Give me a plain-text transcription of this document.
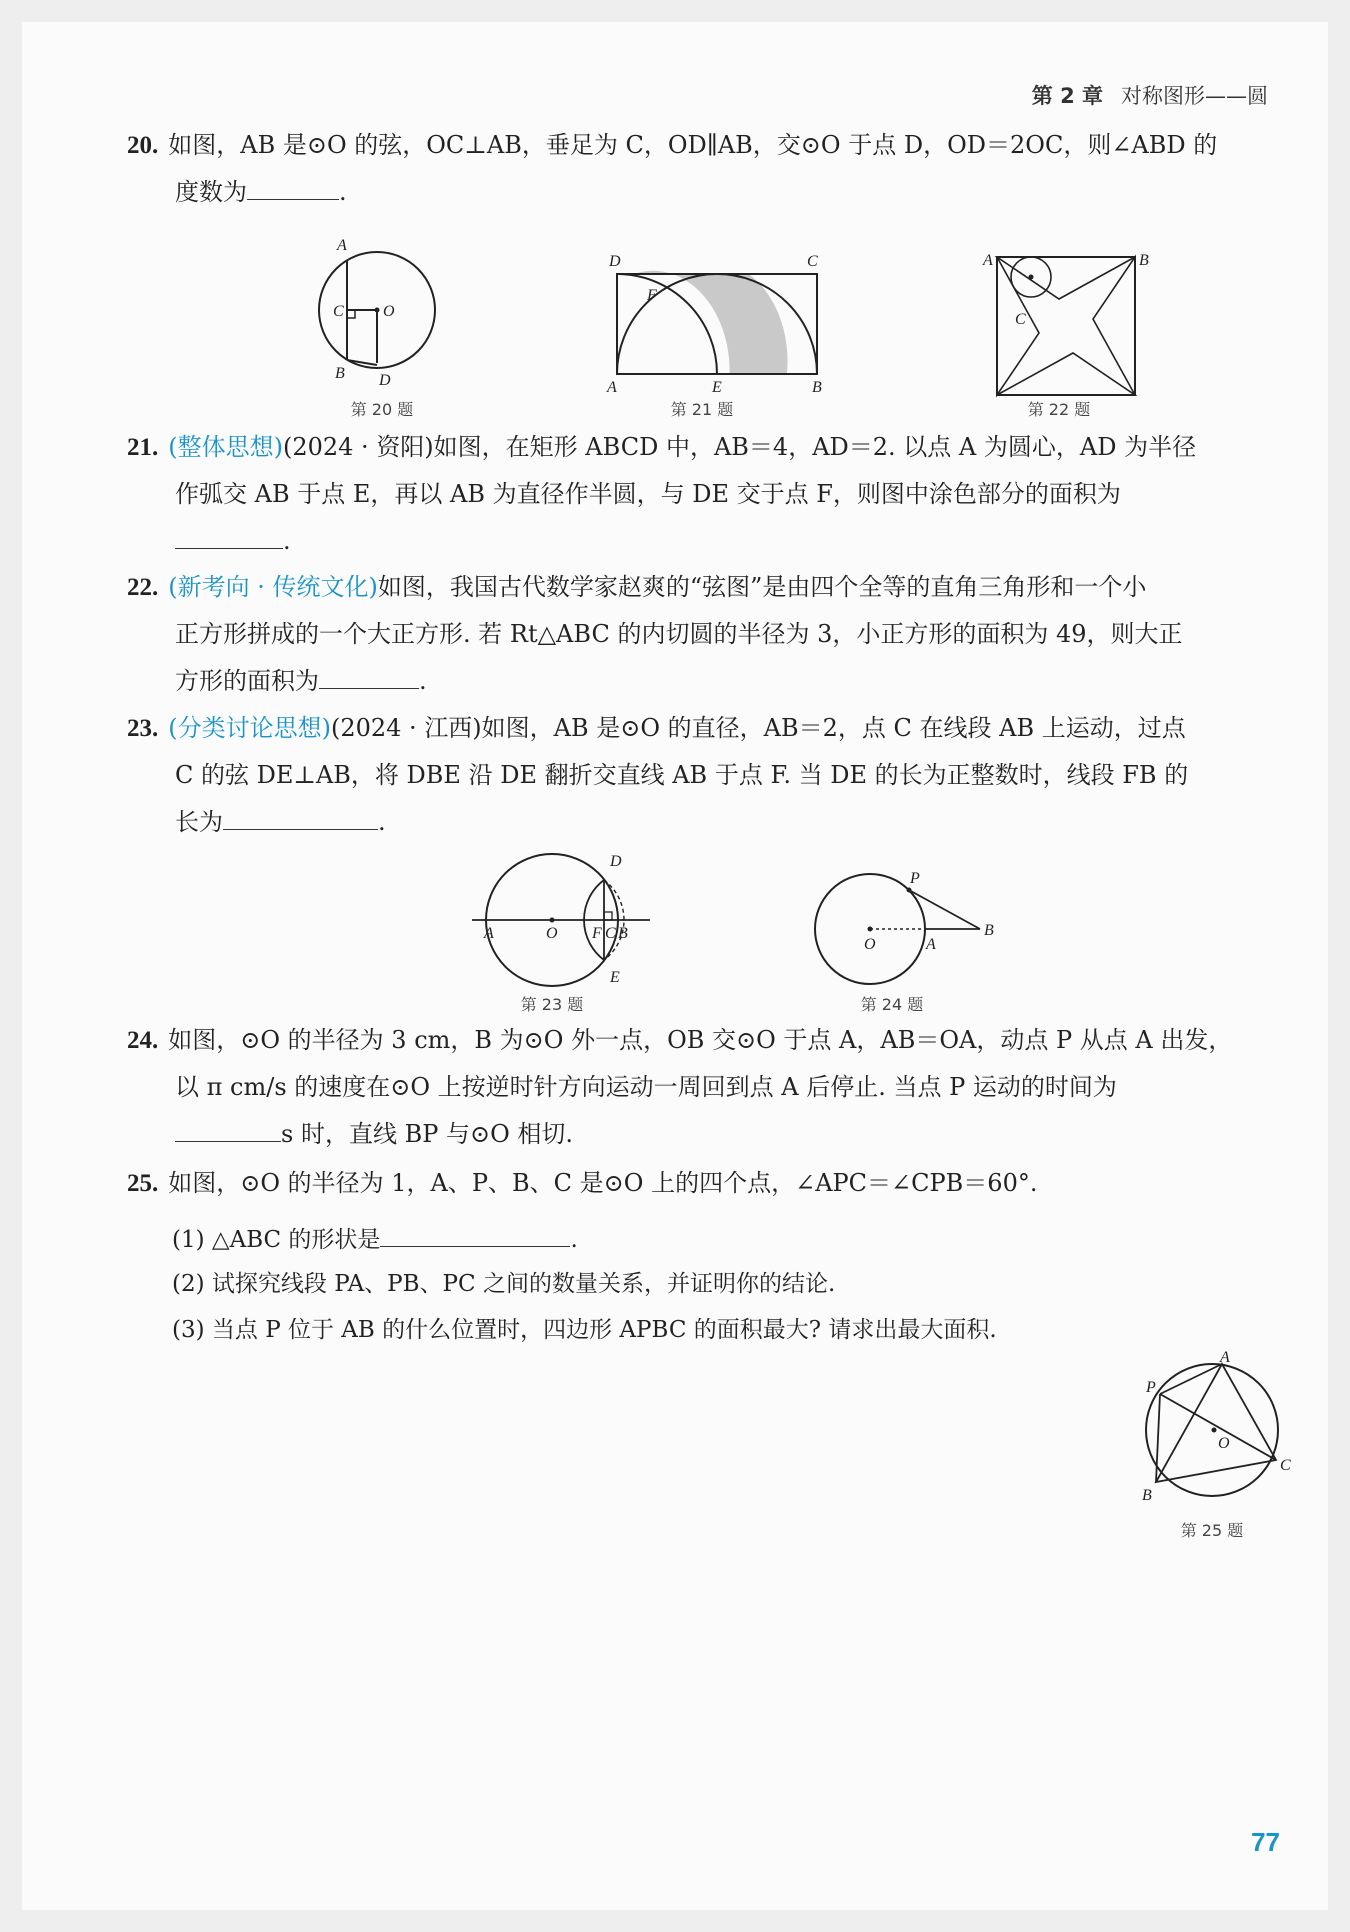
第 2 章 对称图形——圆
20. 如图，AB 是⊙O 的弦，OC⊥AB，垂足为 C，OD∥AB，交⊙O 于点 D，OD＝2OC，则∠ABD 的
度数为	.
A
C O
B D
第 20 题
D	C
F
A	E	B
第 21 题
A	B
C
第 22 题
21. (整体思想)(2024 · 资阳)如图，在矩形 ABCD 中，AB＝4，AD＝2. 以点 A 为圆心，AD 为半径
作弧交 AB 于点 E，再以 AB 为直径作半圆，与 DE 交于点 F，则图中涂色部分的面积为
.
22. (新考向 · 传统文化)如图，我国古代数学家赵爽的“弦图”是由四个全等的直角三角形和一个小
正方形拼成的一个大正方形. 若 Rt△ABC 的内切圆的半径为 3，小正方形的面积为 49，则大正
方形的面积为	.
23. (分类讨论思想)(2024 · 江西)如图，AB 是⊙O 的直径，AB＝2，点 C 在线段 AB 上运动，过点
C 的弦 DE⊥AB，将 DBE 沿 DE 翻折交直线 AB 于点 F. 当 DE 的长为正整数时，线段 FB 的
长为	.
D
A	O F C B
E
第 23 题
P
O	A
B
第 24 题
24. 如图，⊙O 的半径为 3 cm，B 为⊙O 外一点，OB 交⊙O 于点 A，AB＝OA，动点 P 从点 A 出发，
以 π cm/s 的速度在⊙O 上按逆时针方向运动一周回到点 A 后停止. 当点 P 运动的时间为
s 时，直线 BP 与⊙O 相切.
25. 如图，⊙O 的半径为 1，A、P、B、C 是⊙O 上的四个点，∠APC＝∠CPB＝60°.
(1) △ABC 的形状是	.
(2) 试探究线段 PA、PB、PC 之间的数量关系，并证明你的结论.
(3) 当点 P 位于 AB 的什么位置时，四边形 APBC 的面积最大? 请求出最大面积.
A
P
O
B
C
第 25 题
77
